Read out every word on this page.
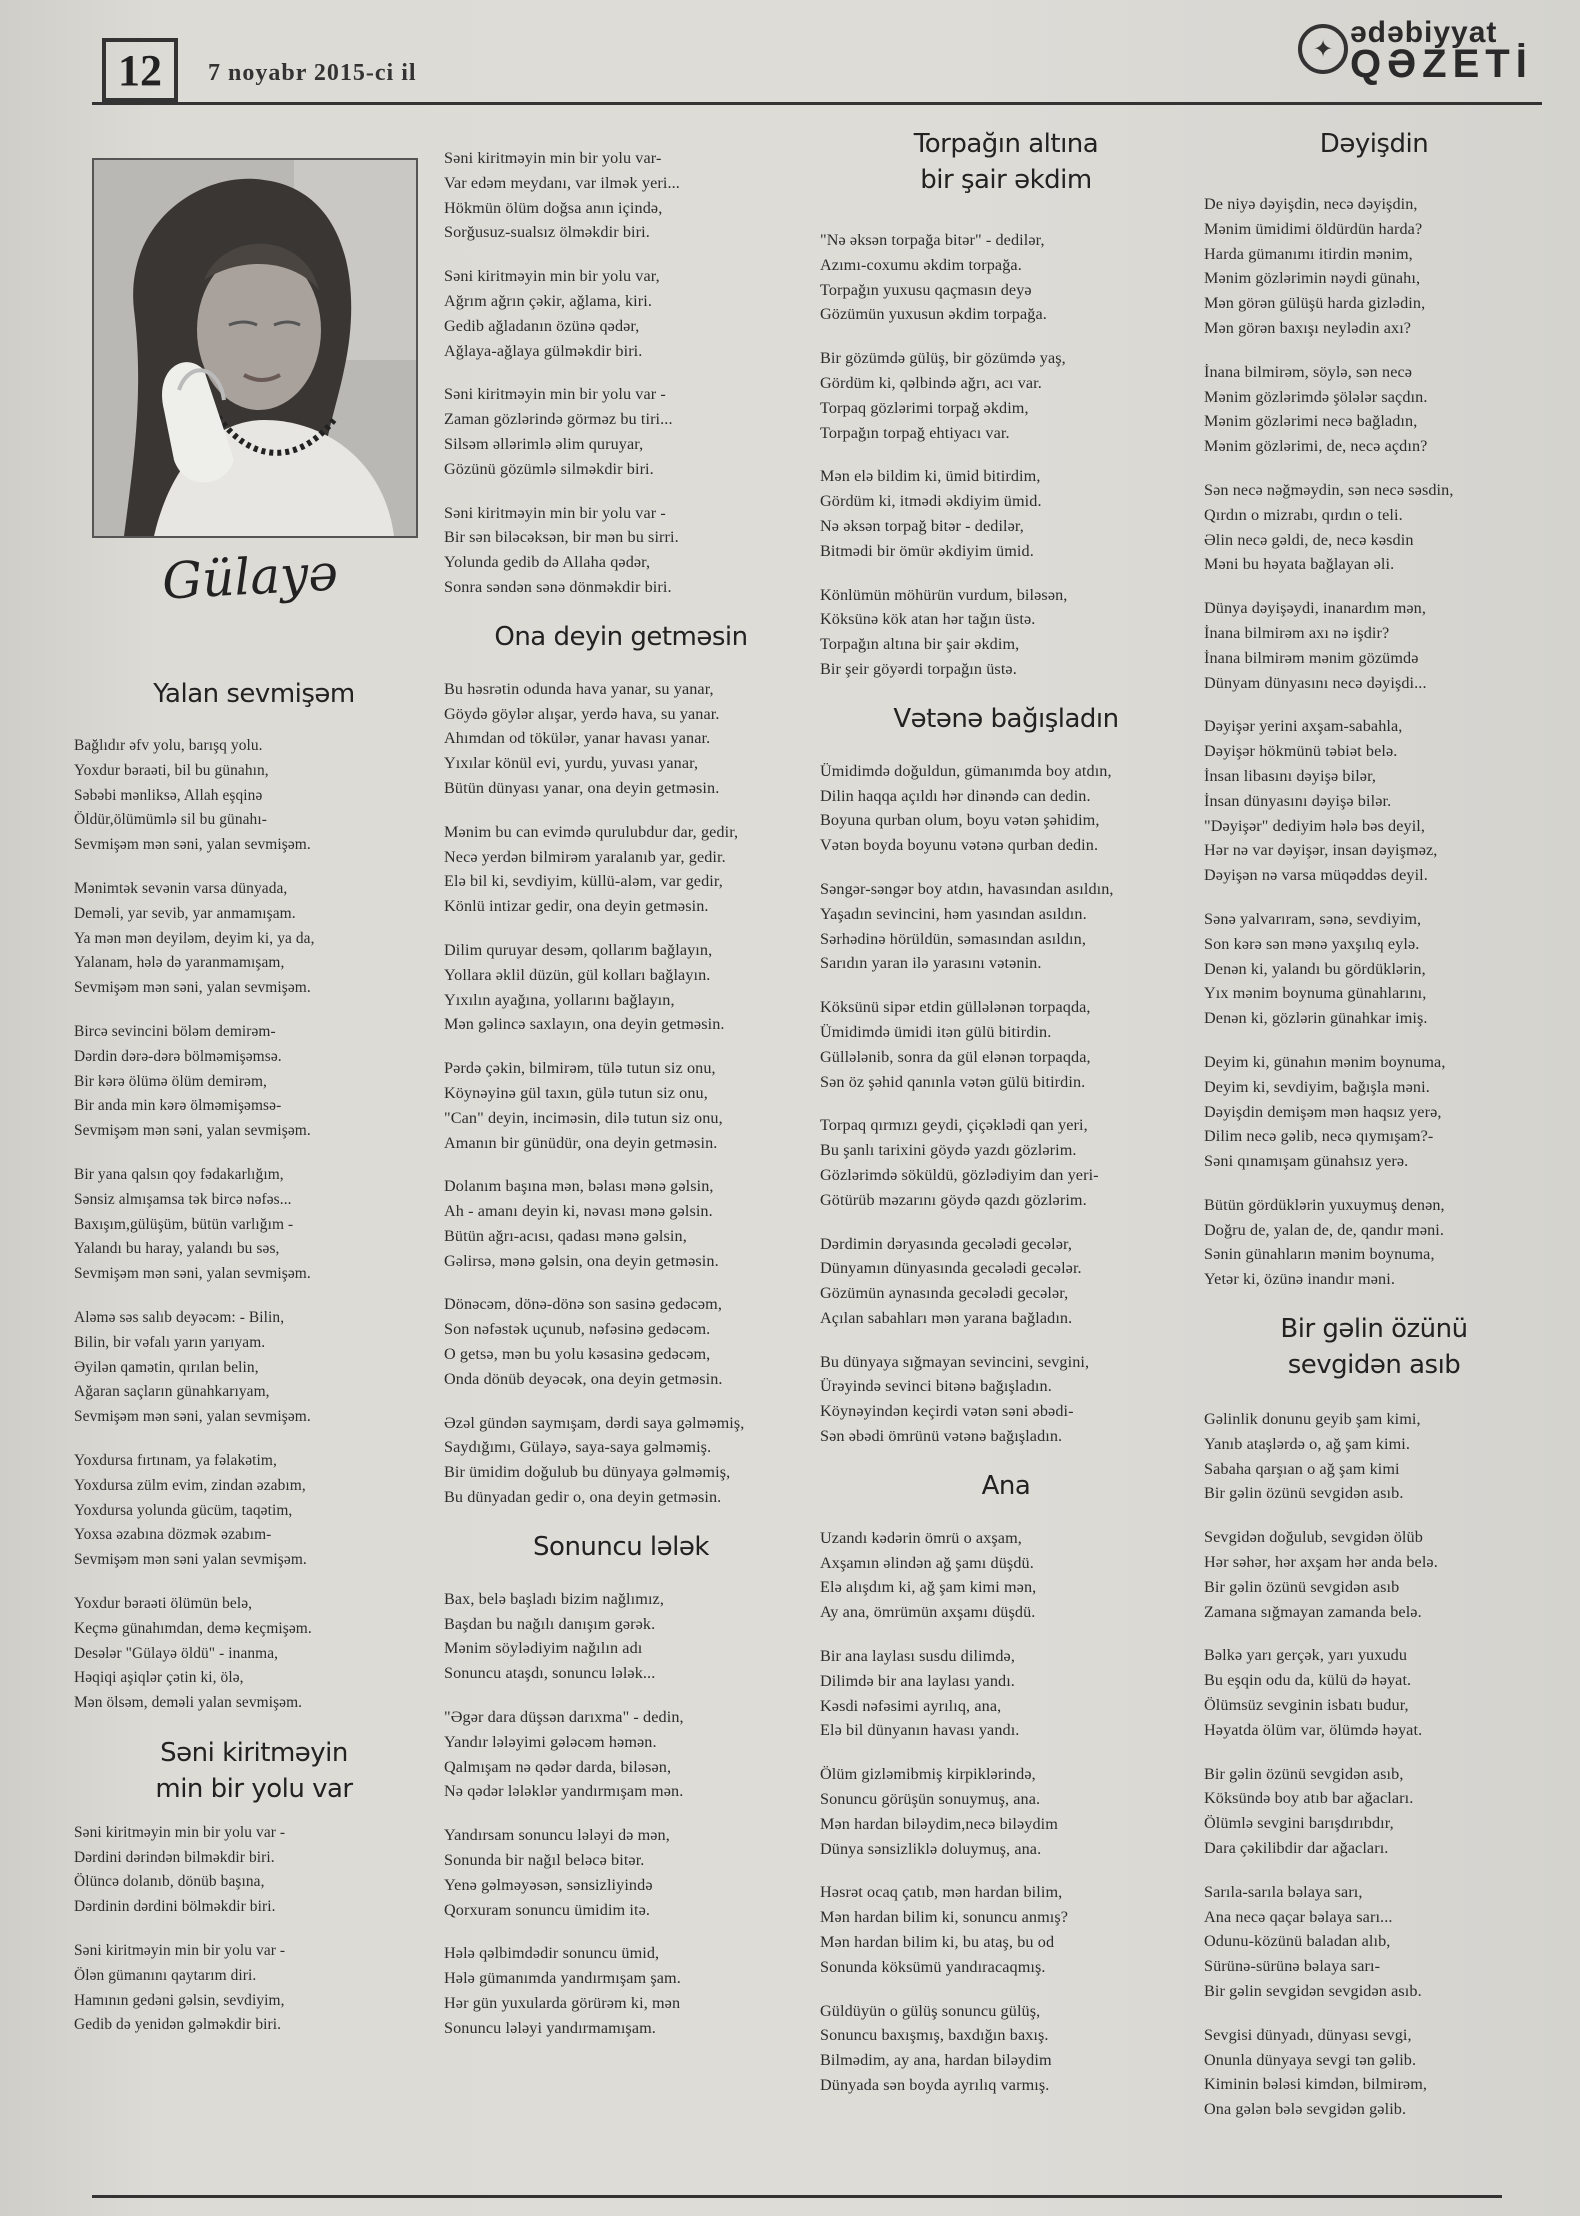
12	7 noyabr 2015-ci il
✦
ədəbiyyat
QƏZETİ
Gülayə
Yalan sevmişəm
Bağlıdır əfv yolu, barışq yolu.
Yoxdur bəraəti, bil bu günahın,
Səbəbi mənliksə, Allah eşqinə
Öldür,ölümümlə sil bu günahı-
Sevmişəm mən səni, yalan sevmişəm.
Mənimtək sevənin varsa dünyada,
Deməli, yar sevib, yar anmamışam.
Ya mən mən deyiləm, deyim ki, ya da,
Yalanam, hələ də yaranmamışam,
Sevmişəm mən səni, yalan sevmişəm.
Bircə sevincini böləm demirəm-
Dərdin dərə-dərə bölməmişəmsə.
Bir kərə ölümə ölüm demirəm,
Bir anda min kərə ölməmişəmsə-
Sevmişəm mən səni, yalan sevmişəm.
Bir yana qalsın qoy fədakarlığım,
Sənsiz almışamsa tək bircə nəfəs...
Baxışım,gülüşüm, bütün varlığım -
Yalandı bu haray, yalandı bu səs,
Sevmişəm mən səni, yalan sevmişəm.
Aləmə səs salıb deyəcəm: - Bilin,
Bilin, bir vəfalı yarın yarıyam.
Əyilən qamətin, qırılan belin,
Ağaran saçların günahkarıyam,
Sevmişəm mən səni, yalan sevmişəm.
Yoxdursa fırtınam, ya fəlakətim,
Yoxdursa zülm evim, zindan əzabım,
Yoxdursa yolunda gücüm, taqətim,
Yoxsa əzabına dözmək əzabım-
Sevmişəm mən səni yalan sevmişəm.
Yoxdur bəraəti ölümün belə,
Keçmə günahımdan, demə keçmişəm.
Desələr "Gülayə öldü" - inanma,
Həqiqi aşiqlər çətin ki, ölə,
Mən ölsəm, deməli yalan sevmişəm.
Səni kiritməyin
min bir yolu var
Səni kiritməyin min bir yolu var -
Dərdini dərindən bilməkdir biri.
Ölüncə dolanıb, dönüb başına,
Dərdinin dərdini bölməkdir biri.
Səni kiritməyin min bir yolu var -
Ölən gümanını qaytarım diri.
Hamının gedəni gəlsin, sevdiyim,
Gedib də yenidən gəlməkdir biri.
Səni kiritməyin min bir yolu var-
Var edəm meydanı, var ilmək yeri...
Hökmün ölüm doğsa anın içində,
Sorğusuz-sualsız ölməkdir biri.
Səni kiritməyin min bir yolu var,
Ağrım ağrın çəkir, ağlama, kiri.
Gedib ağladanın özünə qədər,
Ağlaya-ağlaya gülməkdir biri.
Səni kiritməyin min bir yolu var -
Zaman gözlərində görməz bu tiri...
Silsəm əllərimlə əlim quruyar,
Gözünü gözümlə silməkdir biri.
Səni kiritməyin min bir yolu var -
Bir sən biləcəksən, bir mən bu sirri.
Yolunda gedib də Allaha qədər,
Sonra səndən sənə dönməkdir biri.
Ona deyin getməsin
Bu həsrətin odunda hava yanar, su yanar,
Göydə göylər alışar, yerdə hava, su yanar.
Ahımdan od tökülər, yanar havası yanar.
Yıxılar könül evi, yurdu, yuvası yanar,
Bütün dünyası yanar, ona deyin getməsin.
Mənim bu can evimdə qurulubdur dar, gedir,
Necə yerdən bilmirəm yaralanıb yar, gedir.
Elə bil ki, sevdiyim, küllü-aləm, var gedir,
Könlü intizar gedir, ona deyin getməsin.
Dilim quruyar desəm, qollarım bağlayın,
Yollara əklil düzün, gül kolları bağlayın.
Yıxılın ayağına, yollarını bağlayın,
Mən gəlincə saxlayın, ona deyin getməsin.
Pərdə çəkin, bilmirəm, tülə tutun siz onu,
Köynəyinə gül taxın, gülə tutun siz onu,
"Can" deyin, inciməsin, dilə tutun siz onu,
Amanın bir günüdür, ona deyin getməsin.
Dolanım başına mən, bəlası mənə gəlsin,
Ah - amanı deyin ki, nəvası mənə gəlsin.
Bütün ağrı-acısı, qadası mənə gəlsin,
Gəlirsə, mənə gəlsin, ona deyin getməsin.
Dönəcəm, dönə-dönə son sasinə gedəcəm,
Son nəfəstək uçunub, nəfəsinə gedəcəm.
O getsə, mən bu yolu kəsasinə gedəcəm,
Onda dönüb deyəcək, ona deyin getməsin.
Əzəl gündən saymışam, dərdi saya gəlməmiş,
Saydığımı, Gülayə, saya-saya gəlməmiş.
Bir ümidim doğulub bu dünyaya gəlməmiş,
Bu dünyadan gedir o, ona deyin getməsin.
Sonuncu lələk
Bax, belə başladı bizim nağlımız,
Başdan bu nağılı danışım gərək.
Mənim söylədiyim nağılın adı
Sonuncu ataşdı, sonuncu lələk...
"Əgər dara düşsən darıxma" - dedin,
Yandır lələyimi gələcəm həmən.
Qalmışam nə qədər darda, biləsən,
Nə qədər lələklər yandırmışam mən.
Yandırsam sonuncu lələyi də mən,
Sonunda bir nağıl beləcə bitər.
Yenə gəlməyəsən, sənsizliyində
Qorxuram sonuncu ümidim itə.
Hələ qəlbimdədir sonuncu ümid,
Hələ gümanımda yandırmışam şam.
Hər gün yuxularda görürəm ki, mən
Sonuncu lələyi yandırmamışam.
Torpağın altına
bir şair əkdim
"Nə əksən torpağa bitər" - dedilər,
Azımı-coxumu əkdim torpağa.
Torpağın yuxusu qaçmasın deyə
Gözümün yuxusun əkdim torpağa.
Bir gözümdə gülüş, bir gözümdə yaş,
Gördüm ki, qəlbində ağrı, acı var.
Torpaq gözlərimi torpağ əkdim,
Torpağın torpağ ehtiyacı var.
Mən elə bildim ki, ümid bitirdim,
Gördüm ki, itmədi əkdiyim ümid.
Nə əksən torpağ bitər - dedilər,
Bitmədi bir ömür əkdiyim ümid.
Könlümün möhürün vurdum, biləsən,
Köksünə kök atan hər tağın üstə.
Torpağın altına bir şair əkdim,
Bir şeir göyərdi torpağın üstə.
Vətənə bağışladın
Ümidimdə doğuldun, gümanımda boy atdın,
Dilin haqqa açıldı hər dinəndə can dedin.
Boyuna qurban olum, boyu vətən şəhidim,
Vətən boyda boyunu vətənə qurban dedin.
Səngər-səngər boy atdın, havasından asıldın,
Yaşadın sevincini, həm yasından asıldın.
Sərhədinə hörüldün, səmasından asıldın,
Sarıdın yaran ilə yarasını vətənin.
Köksünü sipər etdin güllələnən torpaqda,
Ümidimdə ümidi itən gülü bitirdin.
Güllələnib, sonra da gül elənən torpaqda,
Sən öz şəhid qanınla vətən gülü bitirdin.
Torpaq qırmızı geydi, çiçəklədi qan yeri,
Bu şanlı tarixini göydə yazdı gözlərim.
Gözlərimdə söküldü, gözlədiyim dan yeri-
Götürüb məzarını göydə qazdı gözlərim.
Dərdimin dəryasında gecələdi gecələr,
Dünyamın dünyasında gecələdi gecələr.
Gözümün aynasında gecələdi gecələr,
Açılan sabahları mən yarana bağladın.
Bu dünyaya sığmayan sevincini, sevgini,
Ürəyində sevinci bitənə bağışladın.
Köynəyindən keçirdi vətən səni əbədi-
Sən əbədi ömrünü vətənə bağışladın.
Ana
Uzandı kədərin ömrü o axşam,
Axşamın əlindən ağ şamı düşdü.
Elə alışdım ki, ağ şam kimi mən,
Ay ana, ömrümün axşamı düşdü.
Bir ana laylası susdu dilimdə,
Dilimdə bir ana laylası yandı.
Kəsdi nəfəsimi ayrılıq, ana,
Elə bil dünyanın havası yandı.
Ölüm gizləmibmiş kirpiklərində,
Sonuncu görüşün sonuymuş, ana.
Mən hardan biləydim,necə biləydim
Dünya sənsizliklə doluymuş, ana.
Həsrət ocaq çatıb, mən hardan bilim,
Mən hardan bilim ki, sonuncu anmış?
Mən hardan bilim ki, bu ataş, bu od
Sonunda köksümü yandıracaqmış.
Güldüyün o gülüş sonuncu gülüş,
Sonuncu baxışmış, baxdığın baxış.
Bilmədim, ay ana, hardan biləydim
Dünyada sən boyda ayrılıq varmış.
Dəyişdin
De niyə dəyişdin, necə dəyişdin,
Mənim ümidimi öldürdün harda?
Harda gümanımı itirdin mənim,
Mənim gözlərimin nəydi günahı,
Mən görən gülüşü harda gizlədin,
Mən görən baxışı neylədin axı?
İnana bilmirəm, söylə, sən necə
Mənim gözlərimdə şölələr saçdın.
Mənim gözlərimi necə bağladın,
Mənim gözlərimi, de, necə açdın?
Sən necə nəğməydin, sən necə səsdin,
Qırdın o mizrabı, qırdın o teli.
Əlin necə gəldi, de, necə kəsdin
Məni bu həyata bağlayan əli.
Dünya dəyişəydi, inanardım mən,
İnana bilmirəm axı nə işdir?
İnana bilmirəm mənim gözümdə
Dünyam dünyasını necə dəyişdi...
Dəyişər yerini axşam-sabahla,
Dəyişər hökmünü təbiət belə.
İnsan libasını dəyişə bilər,
İnsan dünyasını dəyişə bilər.
"Dəyişər" dediyim hələ bəs deyil,
Hər nə var dəyişər, insan dəyişməz,
Dəyişən nə varsa müqəddəs deyil.
Sənə yalvarıram, sənə, sevdiyim,
Son kərə sən mənə yaxşılıq eylə.
Denən ki, yalandı bu gördüklərin,
Yıx mənim boynuma günahlarını,
Denən ki, gözlərin günahkar imiş.
Deyim ki, günahın mənim boynuma,
Deyim ki, sevdiyim, bağışla məni.
Dəyişdin demişəm mən haqsız yerə,
Dilim necə gəlib, necə qıymışam?-
Səni qınamışam günahsız yerə.
Bütün gördüklərin yuxuymuş denən,
Doğru de, yalan de, de, qandır məni.
Sənin günahların mənim boynuma,
Yetər ki, özünə inandır məni.
Bir gəlin özünü
sevgidən asıb
Gəlinlik donunu geyib şam kimi,
Yanıb ataşlərdə o, ağ şam kimi.
Sabaha qarşıan o ağ şam kimi
Bir gəlin özünü sevgidən asıb.
Sevgidən doğulub, sevgidən ölüb
Hər səhər, hər axşam hər anda belə.
Bir gəlin özünü sevgidən asıb
Zamana sığmayan zamanda belə.
Bəlkə yarı gerçək, yarı yuxudu
Bu eşqin odu da, külü də həyat.
Ölümsüz sevginin isbatı budur,
Həyatda ölüm var, ölümdə həyat.
Bir gəlin özünü sevgidən asıb,
Köksündə boy atıb bar ağacları.
Ölümlə sevgini barışdırıbdır,
Dara çəkilibdir dar ağacları.
Sarıla-sarıla bəlaya sarı,
Ana necə qaçar bəlaya sarı...
Odunu-közünü baladan alıb,
Sürünə-sürünə bəlaya sarı-
Bir gəlin sevgidən sevgidən asıb.
Sevgisi dünyadı, dünyası sevgi,
Onunla dünyaya sevgi tən gəlib.
Kiminin bələsi kimdən, bilmirəm,
Ona gələn bələ sevgidən gəlib.
